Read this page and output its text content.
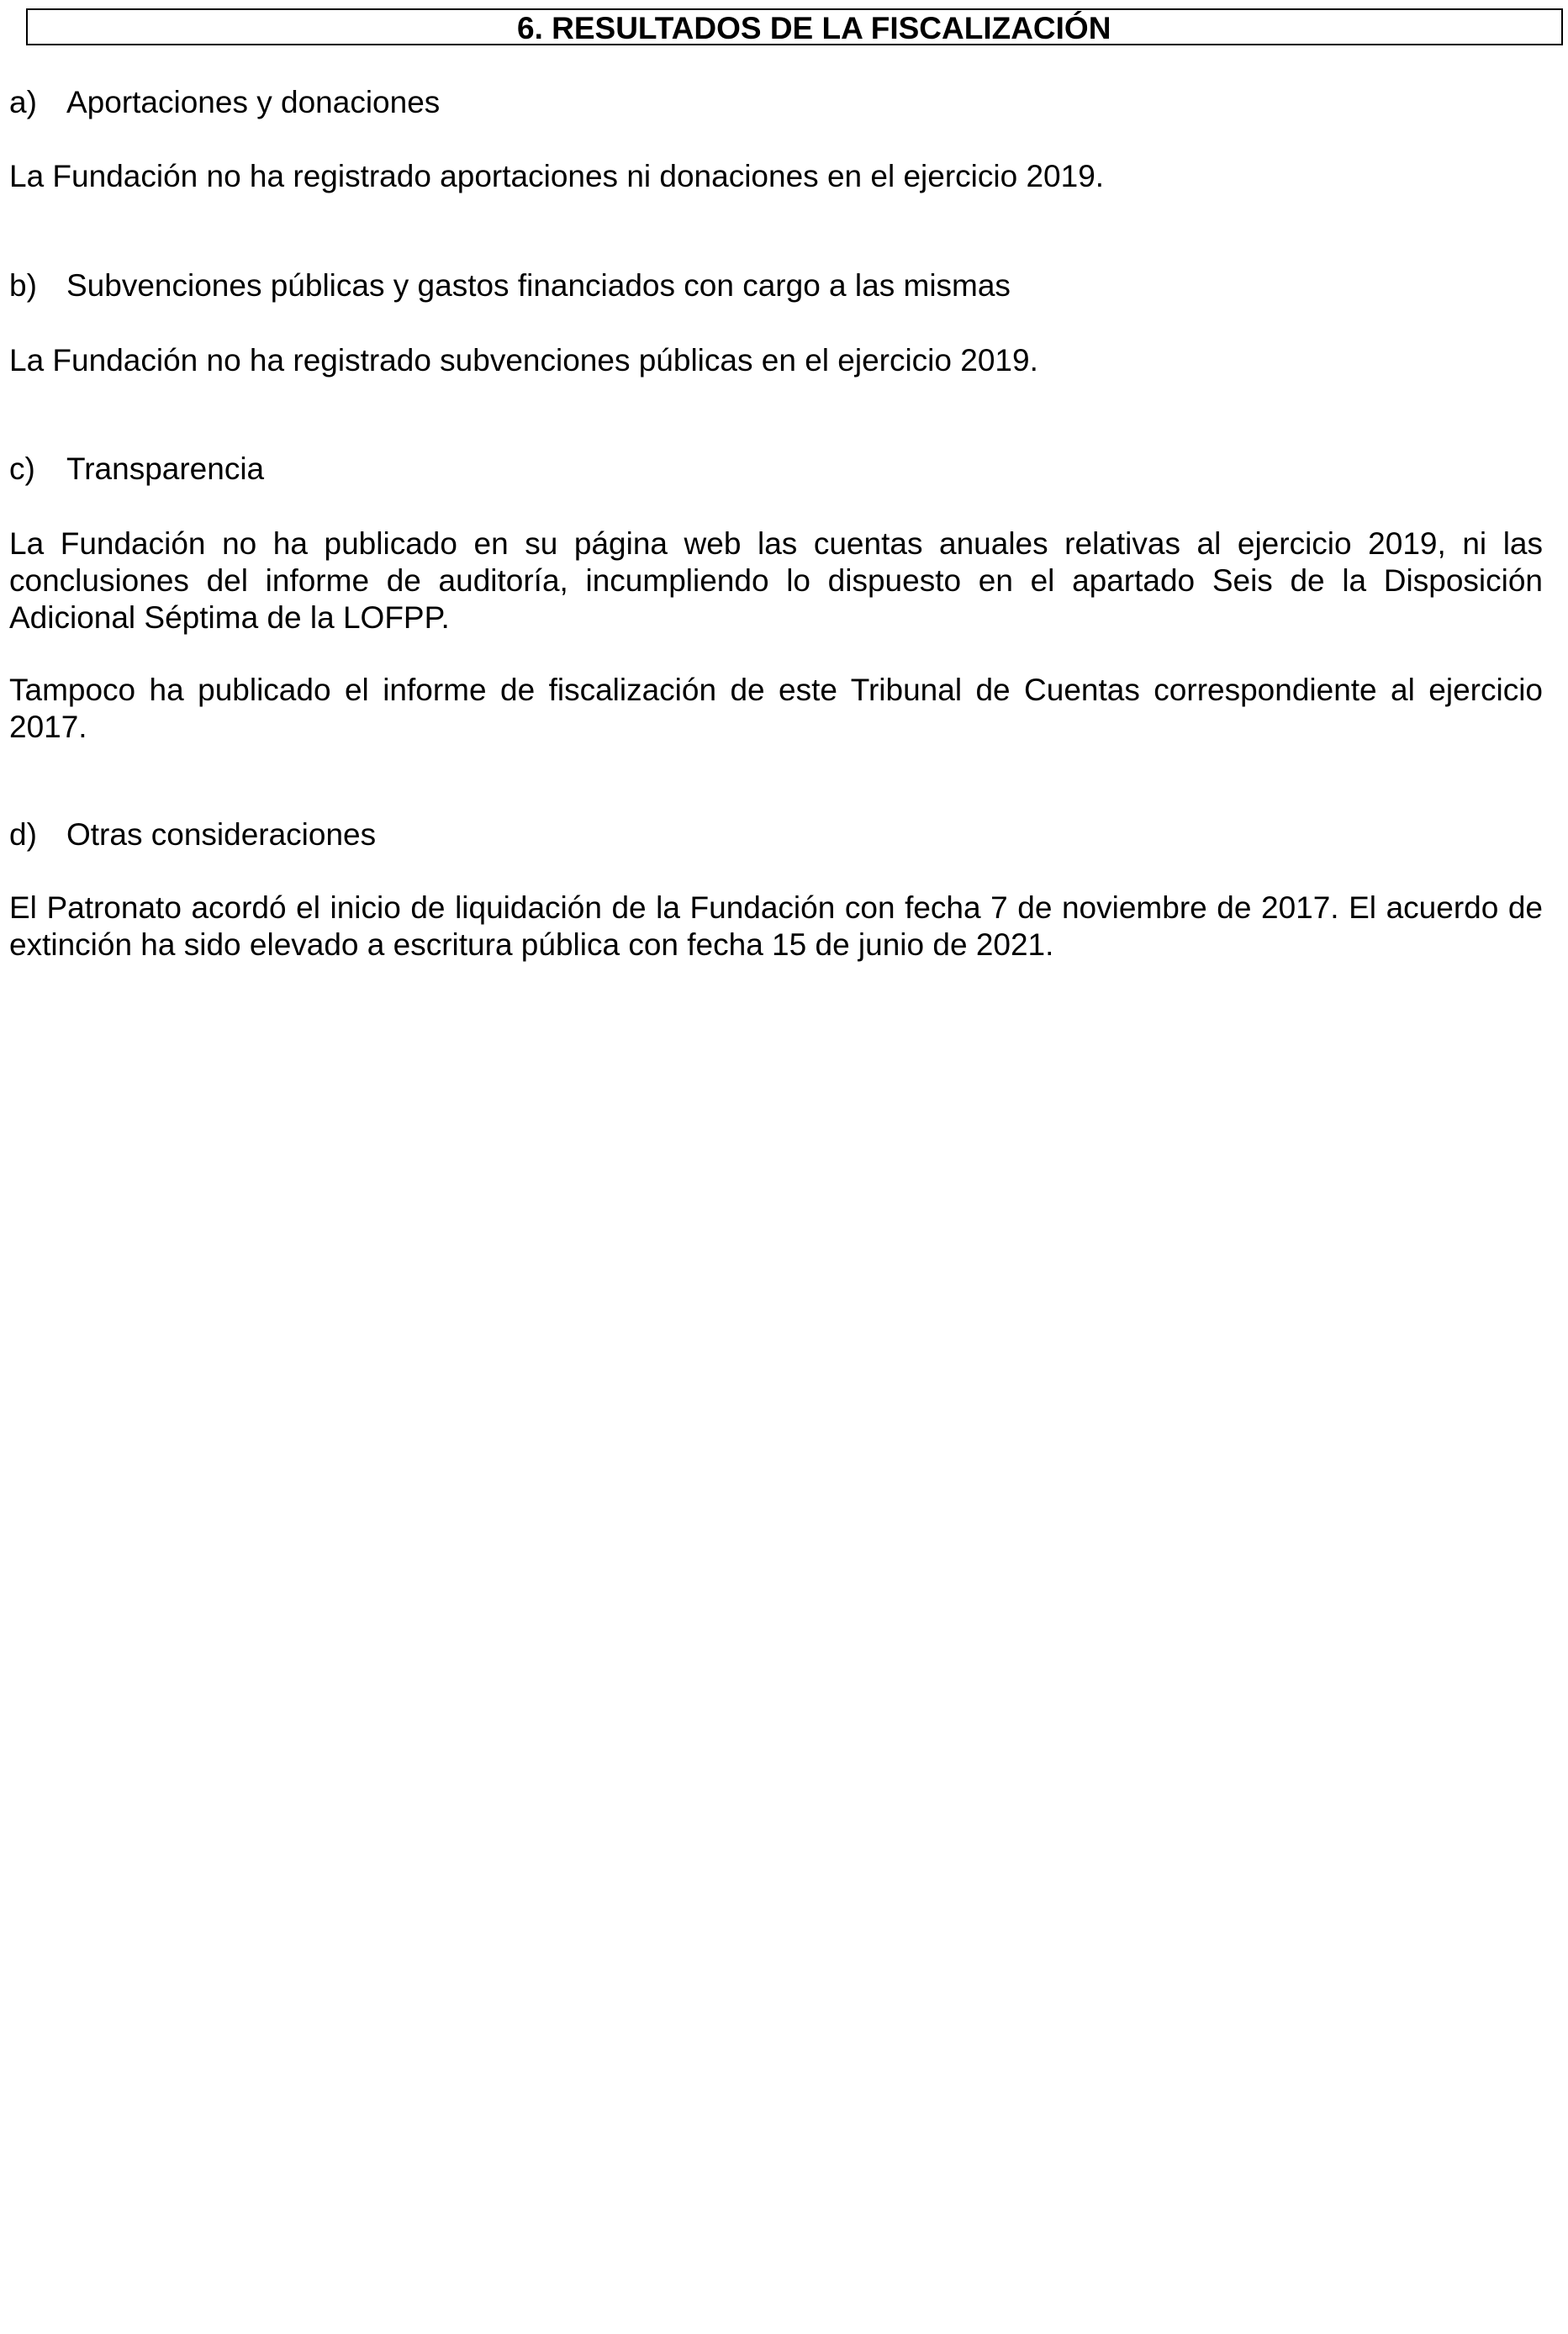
6. RESULTADOS DE LA FISCALIZACIÓN
a) Aportaciones y donaciones

La Fundación no ha registrado aportaciones ni donaciones en el ejercicio 2019.

b) Subvenciones públicas y gastos financiados con cargo a las mismas

La Fundación no ha registrado subvenciones públicas en el ejercicio 2019.

c) Transparencia

La Fundación no ha publicado en su página web las cuentas anuales relativas al ejercicio 2019, ni las conclusiones del informe de auditoría, incumpliendo lo dispuesto en el apartado Seis de la Disposición Adicional Séptima de la LOFPP.

Tampoco ha publicado el informe de fiscalización de este Tribunal de Cuentas correspondiente al ejercicio 2017.

d) Otras consideraciones

El Patronato acordó el inicio de liquidación de la Fundación con fecha 7 de noviembre de 2017. El acuerdo de extinción ha sido elevado a escritura pública con fecha 15 de junio de 2021.
